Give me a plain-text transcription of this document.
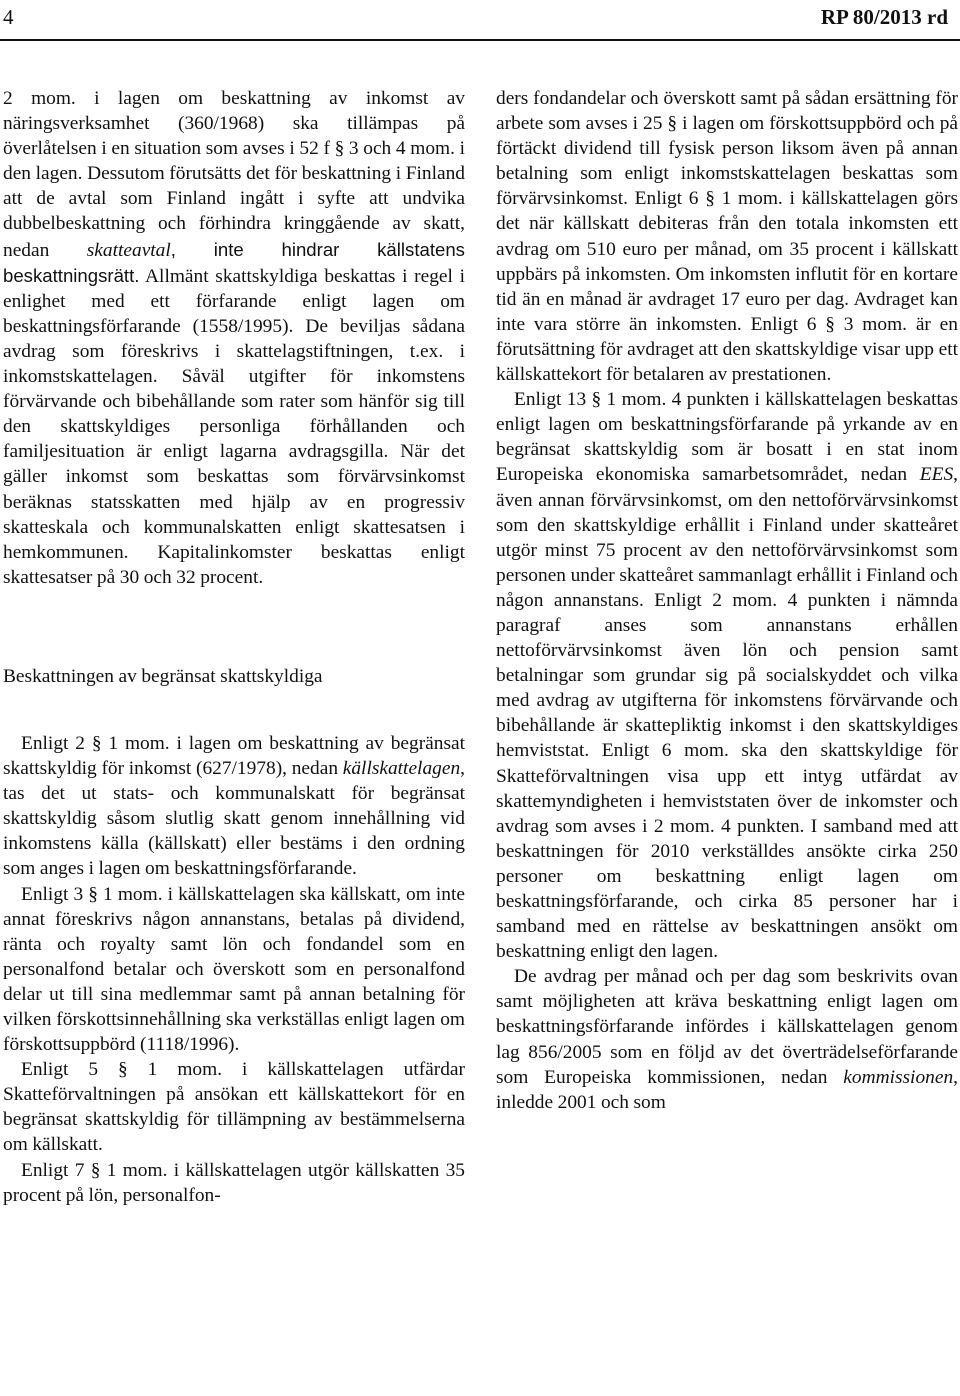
4	RP 80/2013 rd

2 mom. i lagen om beskattning av inkomst av näringsverksamhet (360/1968) ska tillämpas på överlåtelsen i en situation som avses i 52 f § 3 och 4 mom. i den lagen. Dessutom förutsätts det för beskattning i Finland att de avtal som Finland ingått i syfte att undvika dubbelbeskattning och förhindra kringgående av skatt, nedan skatteavtal, inte hindrar källstatens beskattningsrätt. Allmänt skattskyldiga beskattas i regel i enlighet med ett förfarande enligt lagen om beskattningsförfarande (1558/1995). De beviljas sådana avdrag som föreskrivs i skattelagstiftningen, t.ex. i inkomstskattelagen. Såväl utgifter för inkomstens förvärvande och bibehållande som rater som hänför sig till den skattskyldiges personliga förhållanden och familjesituation är enligt lagarna avdragsgilla. När det gäller inkomst som beskattas som förvärvsinkomst beräknas statsskatten med hjälp av en progressiv skatteskala och kommunalskatten enligt skattesatsen i hemkommunen. Kapitalinkomster beskattas enligt skattesatser på 30 och 32 procent.

Beskattningen av begränsat skattskyldiga

Enligt 2 § 1 mom. i lagen om beskattning av begränsat skattskyldig för inkomst (627/1978), nedan källskattelagen, tas det ut stats- och kommunalskatt för begränsat skattskyldig såsom slutlig skatt genom innehållning vid inkomstens källa (källskatt) eller bestäms i den ordning som anges i lagen om beskattningsförfarande.

Enligt 3 § 1 mom. i källskattelagen ska källskatt, om inte annat föreskrivs någon annanstans, betalas på dividend, ränta och royalty samt lön och fondandel som en personalfond betalar och överskott som en personalfond delar ut till sina medlemmar samt på annan betalning för vilken förskottsinnehållning ska verkställas enligt lagen om förskottsuppbörd (1118/1996).

Enligt 5 § 1 mom. i källskattelagen utfärdar Skatteförvaltningen på ansökan ett källskattekort för en begränsat skattskyldig för tillämpning av bestämmelserna om källskatt.

Enligt 7 § 1 mom. i källskattelagen utgör källskatten 35 procent på lön, personalfon-

ders fondandelar och överskott samt på sådan ersättning för arbete som avses i 25 § i lagen om förskottsuppbörd och på förtäckt dividend till fysisk person liksom även på annan betalning som enligt inkomstskattelagen beskattas som förvärvsinkomst. Enligt 6 § 1 mom. i källskattelagen görs det när källskatt debiteras från den totala inkomsten ett avdrag om 510 euro per månad, om 35 procent i källskatt uppbärs på inkomsten. Om inkomsten influtit för en kortare tid än en månad är avdraget 17 euro per dag. Avdraget kan inte vara större än inkomsten. Enligt 6 § 3 mom. är en förutsättning för avdraget att den skattskyldige visar upp ett källskattekort för betalaren av prestationen.

Enligt 13 § 1 mom. 4 punkten i källskattelagen beskattas enligt lagen om beskattningsförfarande på yrkande av en begränsat skattskyldig som är bosatt i en stat inom Europeiska ekonomiska samarbetsområdet, nedan EES, även annan förvärvsinkomst, om den nettoförvärvsinkomst som den skattskyldige erhållit i Finland under skatteåret utgör minst 75 procent av den nettoförvärvsinkomst som personen under skatteåret sammanlagt erhållit i Finland och någon annanstans. Enligt 2 mom. 4 punkten i nämnda paragraf anses som annanstans erhållen nettoförvärvsinkomst även lön och pension samt betalningar som grundar sig på socialskyddet och vilka med avdrag av utgifterna för inkomstens förvärvande och bibehållande är skattepliktig inkomst i den skattskyldiges hemviststat. Enligt 6 mom. ska den skattskyldige för Skatteförvaltningen visa upp ett intyg utfärdat av skattemyndigheten i hemviststaten över de inkomster och avdrag som avses i 2 mom. 4 punkten. I samband med att beskattningen för 2010 verkställdes ansökte cirka 250 personer om beskattning enligt lagen om beskattningsförfarande, och cirka 85 personer har i samband med en rättelse av beskattningen ansökt om beskattning enligt den lagen.

De avdrag per månad och per dag som beskrivits ovan samt möjligheten att kräva beskattning enligt lagen om beskattningsförfarande infördes i källskattelagen genom lag 856/2005 som en följd av det överträdelseförfarande som Europeiska kommissionen, nedan kommissionen, inledde 2001 och som
